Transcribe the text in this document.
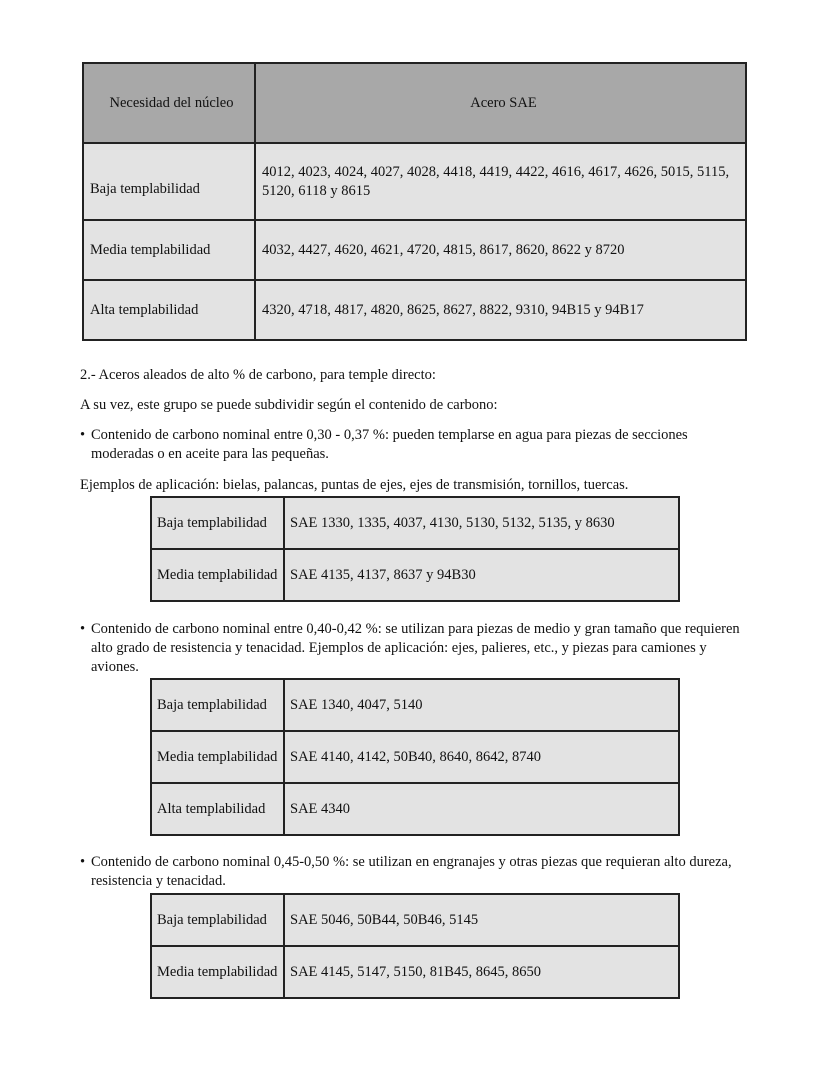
Necesidad del núcleo	Acero SAE
Baja templabilidad	4012, 4023, 4024, 4027, 4028, 4418, 4419, 4422, 4616, 4617, 4626, 5015, 5115, 5120, 6118 y 8615
Media templabilidad	4032, 4427, 4620, 4621, 4720, 4815, 8617, 8620, 8622 y 8720
Alta templabilidad	4320, 4718, 4817, 4820, 8625, 8627, 8822, 9310, 94B15 y 94B17

2.- Aceros aleados de alto % de carbono, para temple directo:

A su vez, este grupo se puede subdividir según el contenido de carbono:

• Contenido de carbono nominal entre 0,30 - 0,37 %: pueden templarse en agua para piezas de secciones moderadas o en aceite para las pequeñas.

Ejemplos de aplicación: bielas, palancas, puntas de ejes, ejes de transmisión, tornillos, tuercas.

Baja templabilidad	SAE 1330, 1335, 4037, 4130, 5130, 5132, 5135, y 8630
Media templabilidad	SAE 4135, 4137, 8637 y 94B30
• Contenido de carbono nominal entre 0,40-0,42 %: se utilizan para piezas de medio y gran tamaño que requieren alto grado de resistencia y tenacidad. Ejemplos de aplicación: ejes, palieres, etc., y piezas para camiones y aviones.
Baja templabilidad	SAE 1340, 4047, 5140
Media templabilidad	SAE 4140, 4142, 50B40, 8640, 8642, 8740
Alta templabilidad	SAE 4340
• Contenido de carbono nominal 0,45-0,50 %: se utilizan en engranajes y otras piezas que requieran alto dureza, resistencia y tenacidad.
Baja templabilidad	SAE 5046, 50B44, 50B46, 5145
Media templabilidad	SAE 4145, 5147, 5150, 81B45, 8645, 8650
